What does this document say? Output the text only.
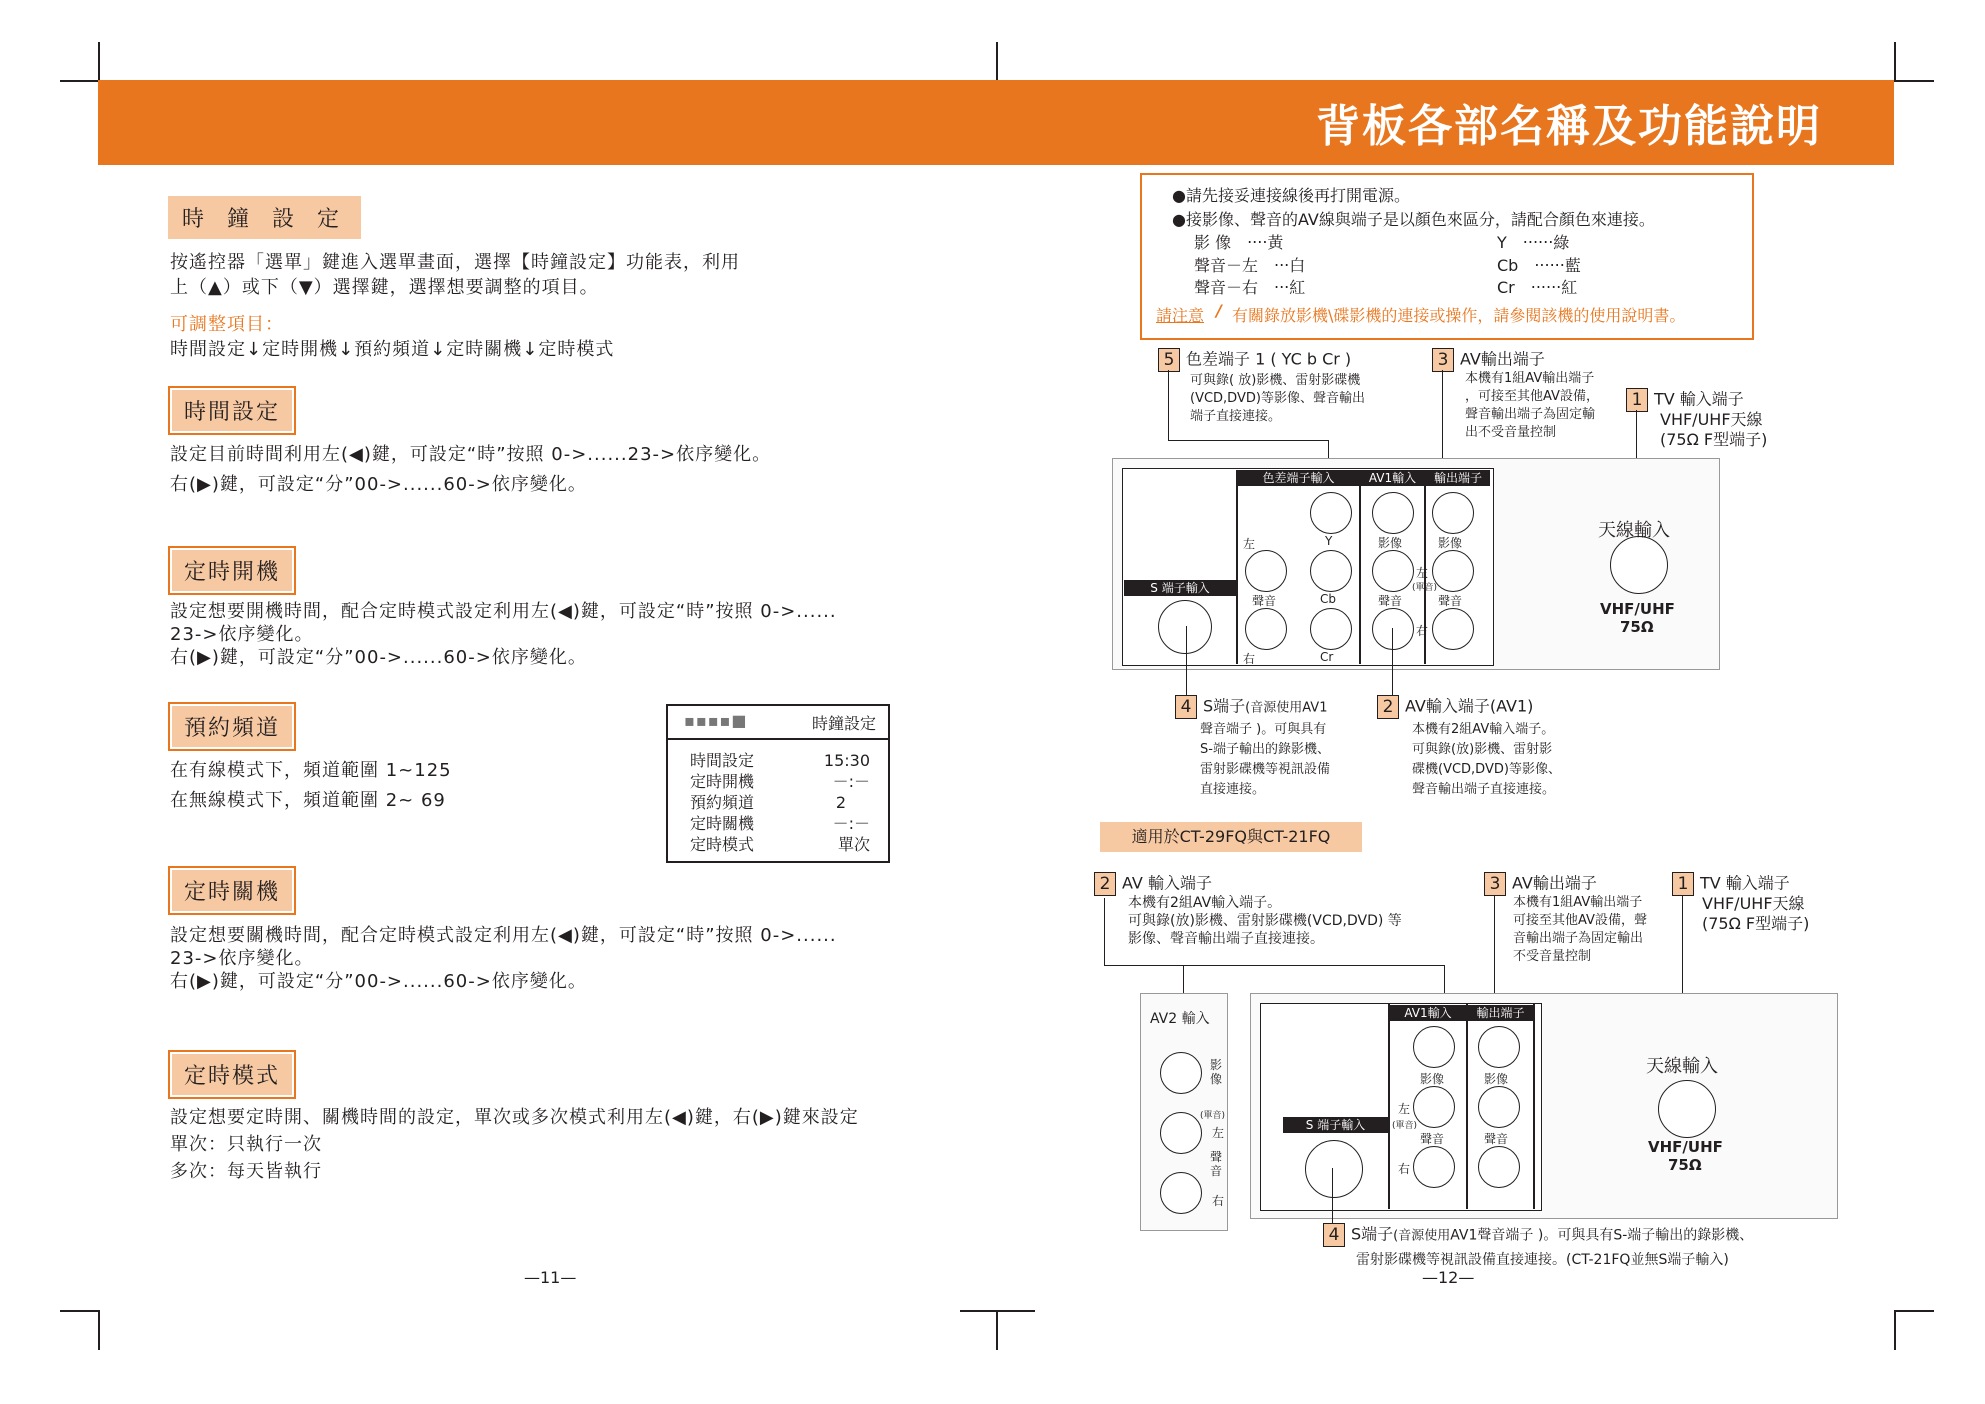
背板各部名稱及功能說明
時 鐘 設 定
按遙控器「選單」鍵進入選單畫面，選擇【時鐘設定】功能表，利用
上（▲）或下（▼）選擇鍵，選擇想要調整的項目。
可調整項目：
時間設定↓定時開機↓預約頻道↓定時關機↓定時模式
時間設定
設定目前時間利用左(◀)鍵，可設定“時”按照 0->......23->依序變化。
右(▶)鍵，可設定“分”00->......60->依序變化。
定時開機
設定想要開機時間，配合定時模式設定利用左(◀)鍵，可設定“時”按照 0->......
23->依序變化。
右(▶)鍵，可設定“分”00->......60->依序變化。
預約頻道
在有線模式下，頻道範圍 1~125
在無線模式下，頻道範圍 2~ 69
▪▪▪▪■	時鐘設定
時間設定	15:30
定時開機	－:－
預約頻道	2
定時關機	－:－
定時模式	單次
定時關機
設定想要關機時間，配合定時模式設定利用左(◀)鍵，可設定“時”按照 0->......
23->依序變化。
右(▶)鍵，可設定“分”00->......60->依序變化。
定時模式
設定想要定時開、關機時間的設定，單次或多次模式利用左(◀)鍵，右(▶)鍵來設定
單次：只執行一次
多次：每天皆執行
—11—
●請先接妥連接線後再打開電源。
●接影像、聲音的AV線與端子是以顏色來區分，請配合顏色來連接。
影 像　‧‧‧‧黃
聲音－左　‧‧‧白
聲音－右　‧‧‧紅
Y　‧‧‧‧‧‧綠
Cb　‧‧‧‧‧‧藍
Cr　‧‧‧‧‧‧紅
請注意 / 有關錄放影機\碟影機的連接或操作，請參閱該機的使用說明書。
5 色差端子 1 ( YC b Cr )
可與錄( 放)影機、雷射影碟機
(VCD,DVD)等影像、聲音輸出
端子直接連接。
3 AV輸出端子
本機有1組AV輸出端子
，可接至其他AV設備，
聲音輸出端子為固定輸
出不受音量控制
1 TV 輸入端子
VHF/UHF天線
(75Ω F型端子)
色差端子輸入	AV1輸入	輸出端子
S 端子輸入
左	Y
聲音	Cb
右	Cr
影像	影像
左
(單音)
聲音	聲音
右
天線輸入
VHF/UHF
75Ω
4 S端子(音源使用AV1
聲音端子 )。可與具有
S-端子輸出的錄影機、
雷射影碟機等視訊設備
直接連接。
2 AV輸入端子(AV1)
本機有2組AV輸入端子。
可與錄(放)影機、雷射影
碟機(VCD,DVD)等影像、
聲音輸出端子直接連接。
適用於CT-29FQ與CT-21FQ
2 AV 輸入端子
本機有2組AV輸入端子。
可與錄(放)影機、雷射影碟機(VCD,DVD) 等
影像、聲音輸出端子直接連接。
3 AV輸出端子
本機有1組AV輸出端子
可接至其他AV設備，聲
音輸出端子為固定輸出
不受音量控制
1 TV 輸入端子
VHF/UHF天線
(75Ω F型端子)
AV2 輸入
影像
(單音)
左
聲音
右
AV1輸入	輸出端子
S 端子輸入
影像	影像
左
(單音)
聲音	聲音
右
天線輸入
VHF/UHF
75Ω
4 S端子(音源使用AV1聲音端子 )。可與具有S-端子輸出的錄影機、
雷射影碟機等視訊設備直接連接。(CT-21FQ並無S端子輸入)
—12—
